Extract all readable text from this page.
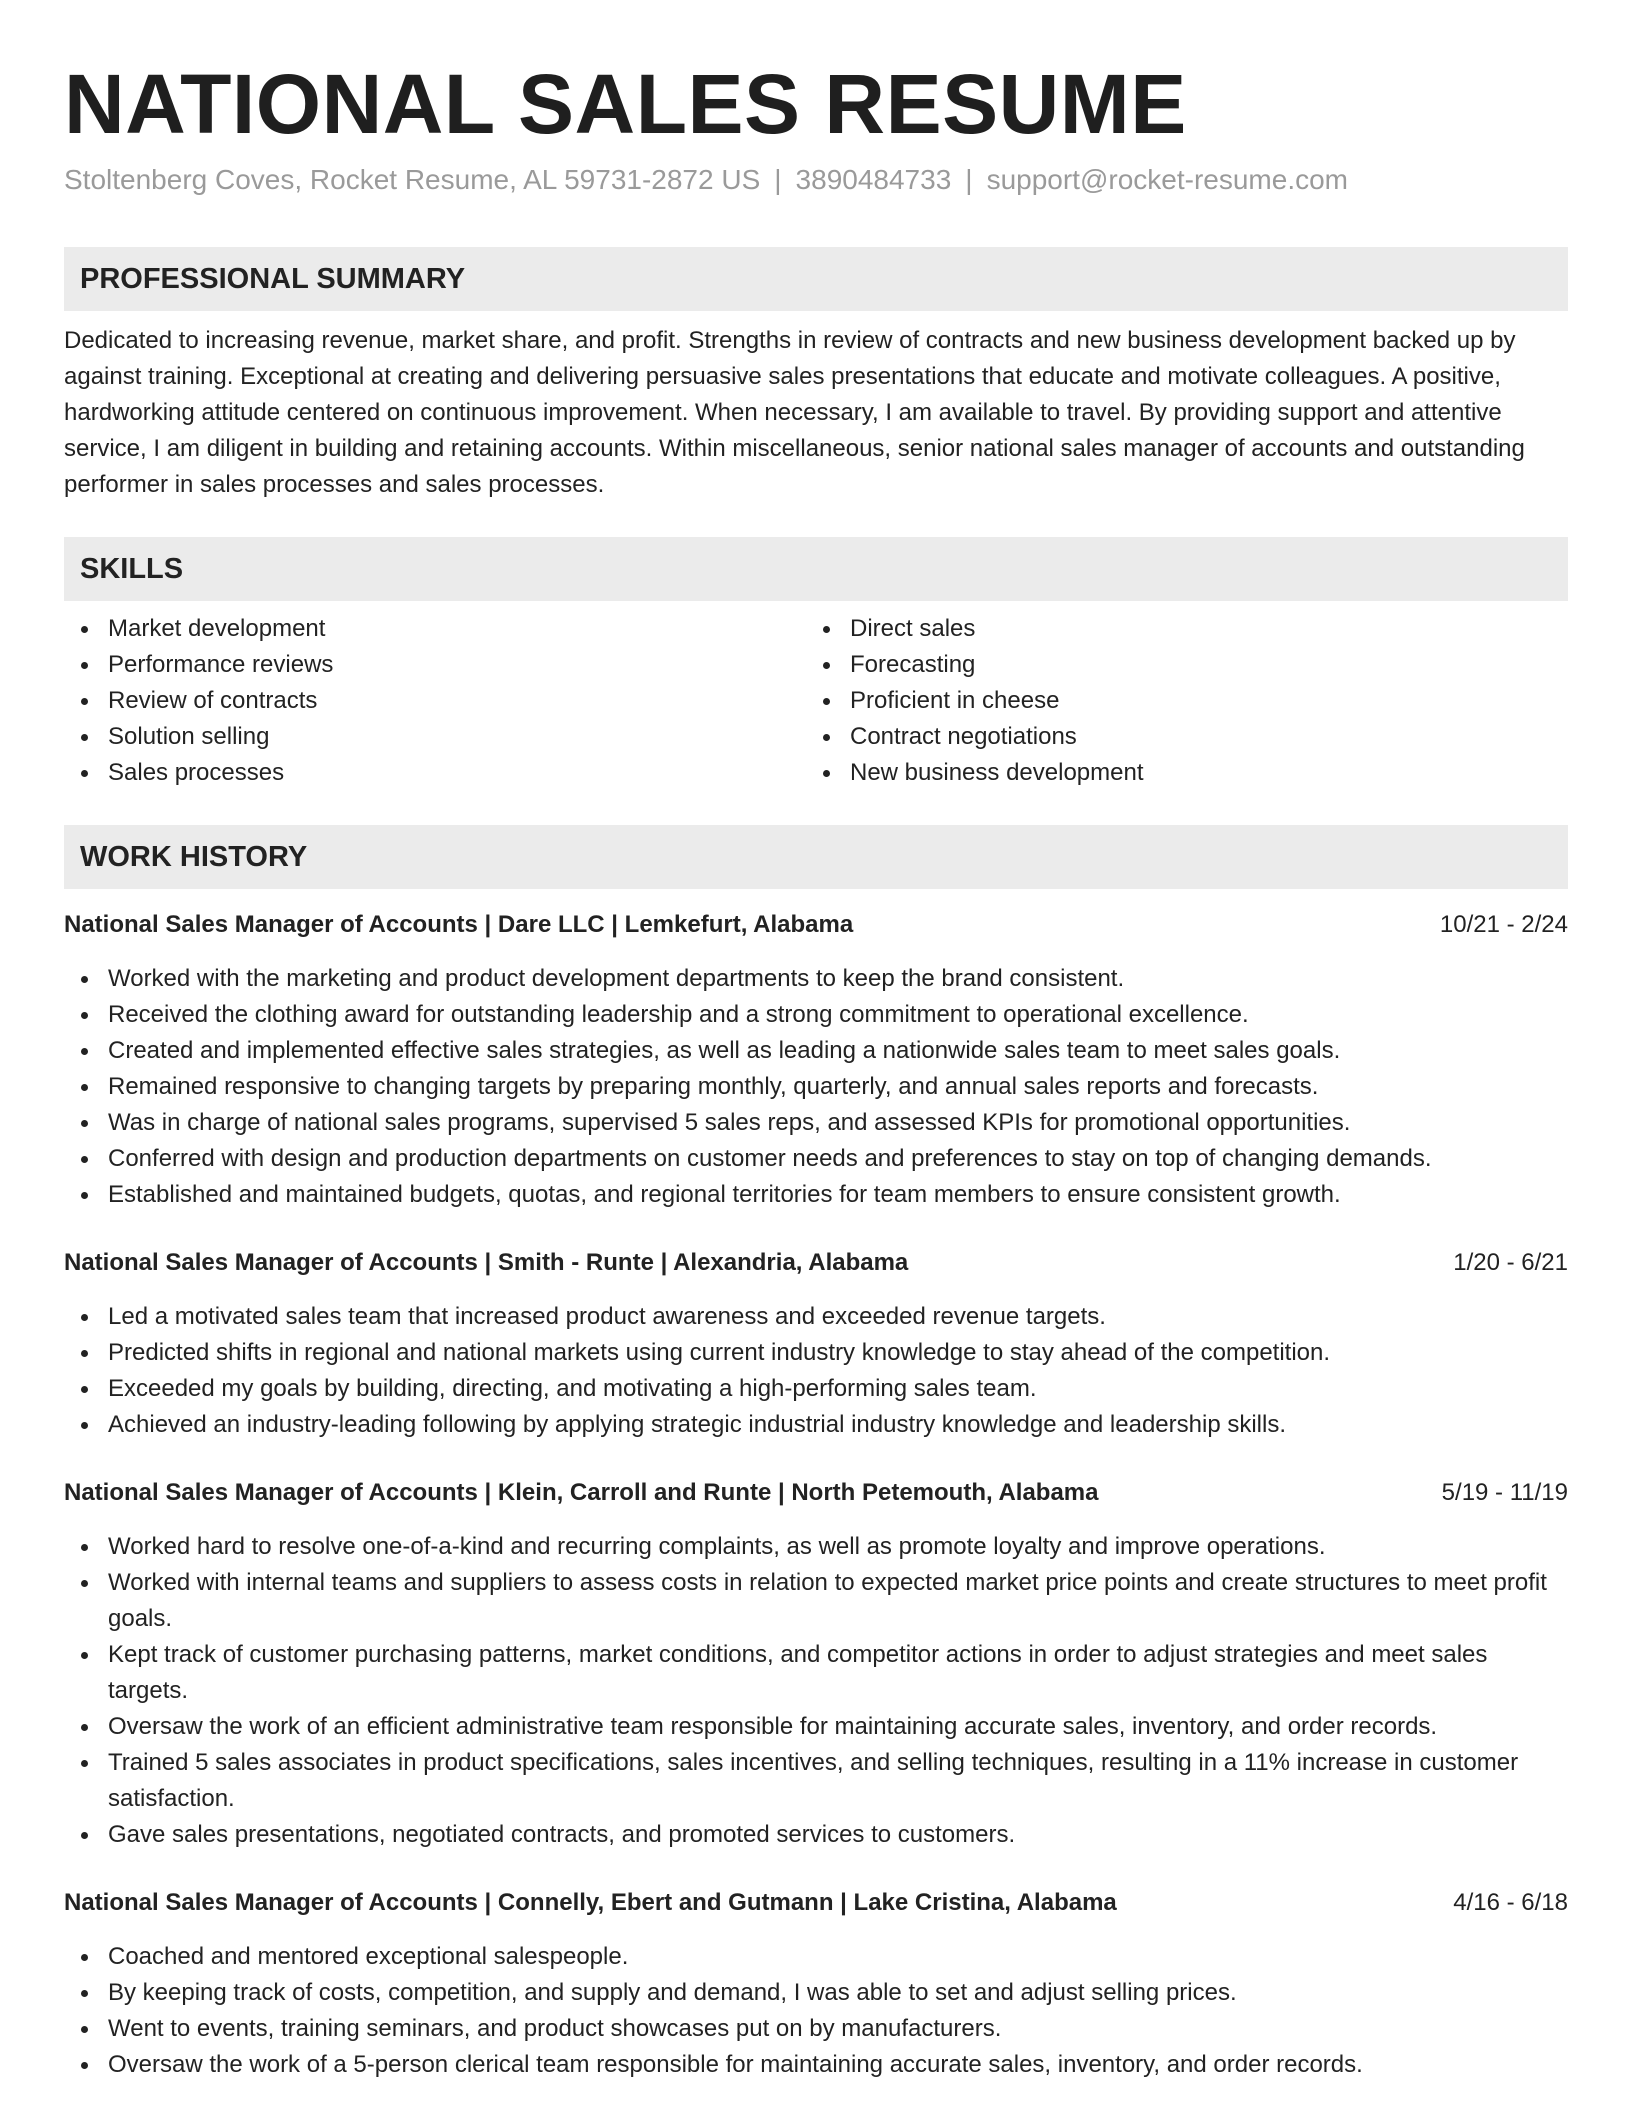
NATIONAL SALES RESUME
Stoltenberg Coves, Rocket Resume, AL 59731-2872 US | 3890484733 | support@rocket-resume.com
PROFESSIONAL SUMMARY
Dedicated to increasing revenue, market share, and profit. Strengths in review of contracts and new business development backed up by against training. Exceptional at creating and delivering persuasive sales presentations that educate and motivate colleagues. A positive, hardworking attitude centered on continuous improvement. When necessary, I am available to travel. By providing support and attentive service, I am diligent in building and retaining accounts. Within miscellaneous, senior national sales manager of accounts and outstanding performer in sales processes and sales processes.
SKILLS
Market development
Performance reviews
Review of contracts
Solution selling
Sales processes
Direct sales
Forecasting
Proficient in cheese
Contract negotiations
New business development
WORK HISTORY
National Sales Manager of Accounts | Dare LLC | Lemkefurt, Alabama	10/21 - 2/24
Worked with the marketing and product development departments to keep the brand consistent.
Received the clothing award for outstanding leadership and a strong commitment to operational excellence.
Created and implemented effective sales strategies, as well as leading a nationwide sales team to meet sales goals.
Remained responsive to changing targets by preparing monthly, quarterly, and annual sales reports and forecasts.
Was in charge of national sales programs, supervised 5 sales reps, and assessed KPIs for promotional opportunities.
Conferred with design and production departments on customer needs and preferences to stay on top of changing demands.
Established and maintained budgets, quotas, and regional territories for team members to ensure consistent growth.
National Sales Manager of Accounts | Smith - Runte | Alexandria, Alabama	1/20 - 6/21
Led a motivated sales team that increased product awareness and exceeded revenue targets.
Predicted shifts in regional and national markets using current industry knowledge to stay ahead of the competition.
Exceeded my goals by building, directing, and motivating a high-performing sales team.
Achieved an industry-leading following by applying strategic industrial industry knowledge and leadership skills.
National Sales Manager of Accounts | Klein, Carroll and Runte | North Petemouth, Alabama	5/19 - 11/19
Worked hard to resolve one-of-a-kind and recurring complaints, as well as promote loyalty and improve operations.
Worked with internal teams and suppliers to assess costs in relation to expected market price points and create structures to meet profit goals.
Kept track of customer purchasing patterns, market conditions, and competitor actions in order to adjust strategies and meet sales targets.
Oversaw the work of an efficient administrative team responsible for maintaining accurate sales, inventory, and order records.
Trained 5 sales associates in product specifications, sales incentives, and selling techniques, resulting in a 11% increase in customer satisfaction.
Gave sales presentations, negotiated contracts, and promoted services to customers.
National Sales Manager of Accounts | Connelly, Ebert and Gutmann | Lake Cristina, Alabama	4/16 - 6/18
Coached and mentored exceptional salespeople.
By keeping track of costs, competition, and supply and demand, I was able to set and adjust selling prices.
Went to events, training seminars, and product showcases put on by manufacturers.
Oversaw the work of a 5-person clerical team responsible for maintaining accurate sales, inventory, and order records.
